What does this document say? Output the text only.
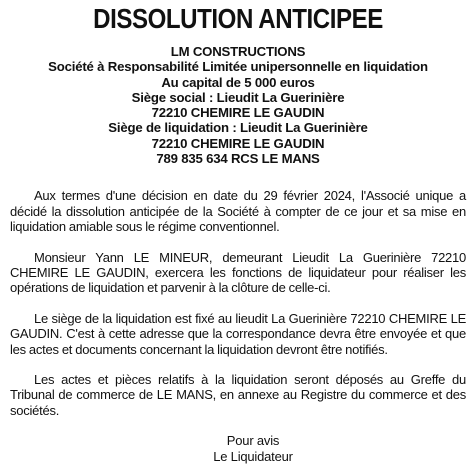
DISSOLUTION ANTICIPEE
LM CONSTRUCTIONS
Société à Responsabilité Limitée unipersonnelle en liquidation
Au capital de 5 000 euros
Siège social : Lieudit La Guerinière
72210 CHEMIRE LE GAUDIN
Siège de liquidation : Lieudit La Guerinière
72210 CHEMIRE LE GAUDIN
789 835 634 RCS LE MANS

Aux termes d'une décision en date du 29 février 2024, l'Associé unique a décidé la dissolution anticipée de la Société à compter de ce jour et sa mise en liquidation amiable sous le régime conventionnel.

Monsieur Yann LE MINEUR, demeurant Lieudit La Guerinière 72210 CHEMIRE LE GAUDIN, exercera les fonctions de liquidateur pour réaliser les opérations de liquidation et parvenir à la clôture de celle-ci.

Le siège de la liquidation est fixé au lieudit La Guerinière 72210 CHEMIRE LE GAUDIN. C'est à cette adresse que la correspondance devra être envoyée et que les actes et documents concernant la liquidation devront être notifiés.

Les actes et pièces relatifs à la liquidation seront déposés au Greffe du Tribunal de commerce de LE MANS, en annexe au Registre du commerce et des sociétés.

Pour avis
Le Liquidateur
